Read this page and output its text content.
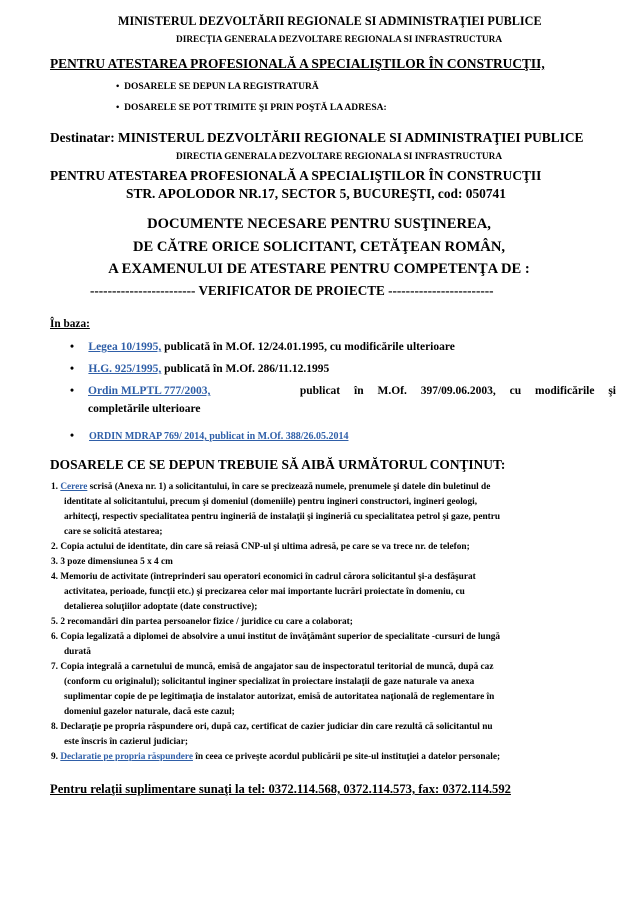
MINISTERUL DEZVOLTĂRII REGIONALE SI ADMINISTRAŢIEI PUBLICE
DIRECŢIA GENERALA DEZVOLTARE REGIONALA SI INFRASTRUCTURA
PENTRU ATESTAREA PROFESIONALĂ A SPECIALIŞTILOR ÎN CONSTRUCŢII,
•  DOSARELE SE DEPUN LA REGISTRATURĂ
•  DOSARELE SE POT TRIMITE ŞI PRIN POŞTĂ LA ADRESA:
Destinatar: MINISTERUL DEZVOLTĂRII REGIONALE SI ADMINISTRAŢIEI PUBLICE
DIRECTIA GENERALA DEZVOLTARE REGIONALA SI INFRASTRUCTURA
PENTRU ATESTAREA PROFESIONALĂ A SPECIALIŞTILOR ÎN CONSTRUCŢII
STR. APOLODOR NR.17, SECTOR 5, BUCUREŞTI, cod: 050741
DOCUMENTE NECESARE PENTRU SUSŢINEREA,
DE CĂTRE ORICE SOLICITANT, CETĂŢEAN ROMÂN,
A EXAMENULUI DE ATESTARE PENTRU COMPETENŢA DE :
------------------------ VERIFICATOR DE PROIECTE ------------------------
În baza:
• Legea 10/1995, publicată în M.Of. 12/24.01.1995, cu modificările ulterioare
• H.G. 925/1995, publicată în M.Of. 286/11.12.1995
• Ordin MLPTL 777/2003,	publicat în M.Of. 397/09.06.2003, cu modificările şi
completările ulterioare
• ORDIN MDRAP 769/ 2014, publicat in M.Of. 388/26.05.2014
DOSARELE CE SE DEPUN TREBUIE SĂ AIBĂ URMĂTORUL CONŢINUT:
1. Cerere scrisă (Anexa nr. 1) a solicitantului, în care se precizează numele, prenumele şi datele din buletinul de
identitate al solicitantului, precum şi domeniul (domeniile) pentru ingineri constructori, ingineri geologi,
arhitecţi, respectiv specialitatea pentru ingineriă de instalaţii şi ingineriă cu specialitatea petrol şi gaze, pentru
care se solicită atestarea;
2. Copia actului de identitate, din care să reiasă CNP-ul şi ultima adresă, pe care se va trece nr. de telefon;
3. 3 poze dimensiunea 5 x 4 cm
4. Memoriu de activitate (întreprinderi sau operatori economici în cadrul cărora solicitantul şi-a desfăşurat
activitatea, perioade, funcţii etc.) şi precizarea celor mai importante lucrări proiectate în domeniu, cu
detalierea soluţiilor adoptate (date constructive);
5. 2 recomandări din partea persoanelor fizice / juridice cu care a colaborat;
6. Copia legalizată a diplomei de absolvire a unui institut de învăţământ superior de specialitate -cursuri de lungă
durată
7. Copia integrală a carnetului de muncă, emisă de angajator sau de inspectoratul teritorial de muncă, după caz
(conform cu originalul); solicitantul inginer specializat în proiectare instalaţii de gaze naturale va anexa
suplimentar copie de pe legitimaţia de instalator autorizat, emisă de autoritatea naţională de reglementare în
domeniul gazelor naturale, dacă este cazul;
8. Declaraţie pe propria răspundere ori, după caz, certificat de cazier judiciar din care rezultă că solicitantul nu
este înscris în cazierul judiciar;
9. Declaratie pe propria răspundere în ceea ce priveşte acordul publicării pe site-ul instituţiei a datelor personale;
Pentru relaţii suplimentare sunaţi la tel: 0372.114.568, 0372.114.573, fax: 0372.114.592
